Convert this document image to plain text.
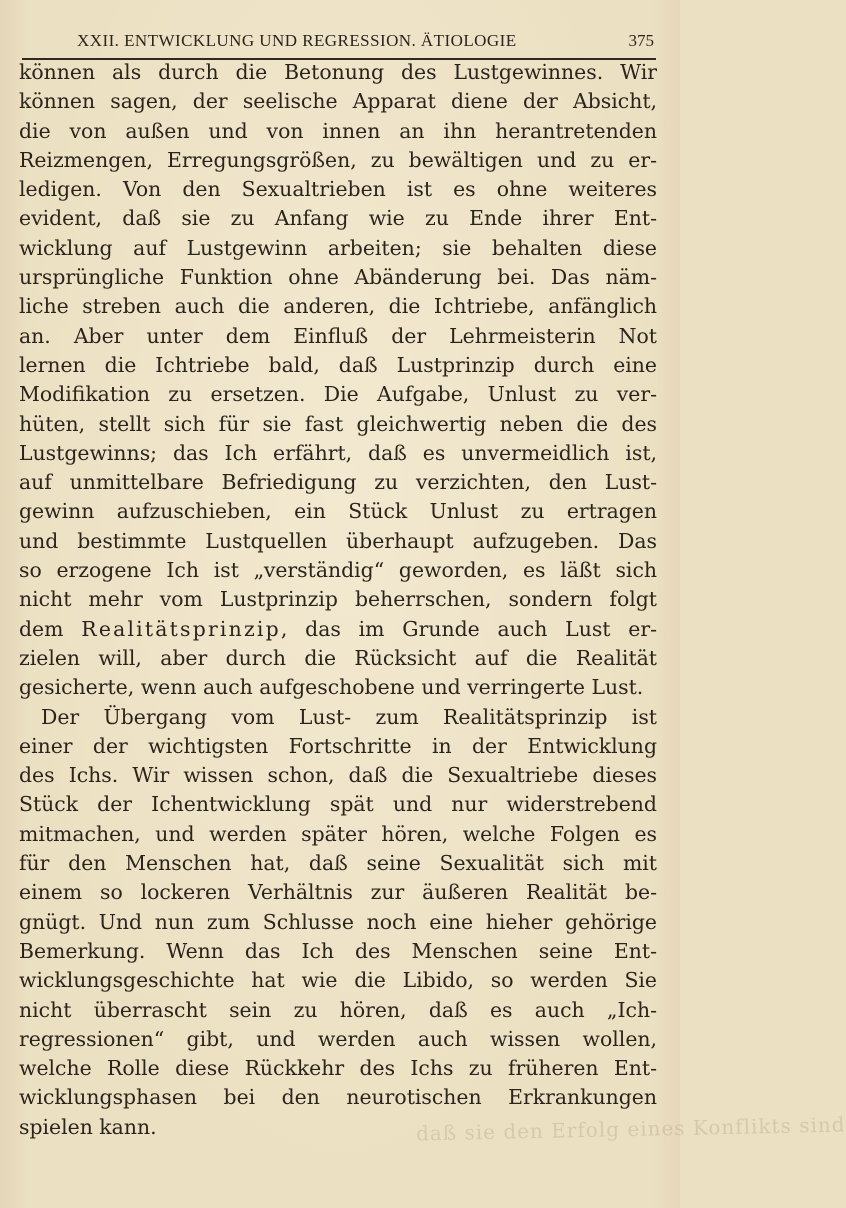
XXII. ENTWICKLUNG UND REGRESSION. ÄTIOLOGIE	375
können als durch die Betonung des Lustgewinnes. Wir
können sagen, der seelische Apparat diene der Absicht,
die von außen und von innen an ihn herantretenden
Reizmengen, Erregungsgrößen, zu bewältigen und zu er-
ledigen. Von den Sexualtrieben ist es ohne weiteres
evident, daß sie zu Anfang wie zu Ende ihrer Ent-
wicklung auf Lustgewinn arbeiten; sie behalten diese
ursprüngliche Funktion ohne Abänderung bei. Das näm-
liche streben auch die anderen, die Ichtriebe, anfänglich
an. Aber unter dem Einfluß der Lehrmeisterin Not
lernen die Ichtriebe bald, daß Lustprinzip durch eine
Modifikation zu ersetzen. Die Aufgabe, Unlust zu ver-
hüten, stellt sich für sie fast gleichwertig neben die des
Lustgewinns; das Ich erfährt, daß es unvermeidlich ist,
auf unmittelbare Befriedigung zu verzichten, den Lust-
gewinn aufzuschieben, ein Stück Unlust zu ertragen
und bestimmte Lustquellen überhaupt aufzugeben. Das
so erzogene Ich ist „verständig“ geworden, es läßt sich
nicht mehr vom Lustprinzip beherrschen, sondern folgt
dem Realitätsprinzip, das im Grunde auch Lust er-
zielen will, aber durch die Rücksicht auf die Realität
gesicherte, wenn auch aufgeschobene und verringerte Lust.
Der Übergang vom Lust- zum Realitätsprinzip ist
einer der wichtigsten Fortschritte in der Entwicklung
des Ichs. Wir wissen schon, daß die Sexualtriebe dieses
Stück der Ichentwicklung spät und nur widerstrebend
mitmachen, und werden später hören, welche Folgen es
für den Menschen hat, daß seine Sexualität sich mit
einem so lockeren Verhältnis zur äußeren Realität be-
gnügt. Und nun zum Schlusse noch eine hieher gehörige
Bemerkung. Wenn das Ich des Menschen seine Ent-
wicklungsgeschichte hat wie die Libido, so werden Sie
nicht überrascht sein zu hören, daß es auch „Ich-
regressionen“ gibt, und werden auch wissen wollen,
welche Rolle diese Rückkehr des Ichs zu früheren Ent-
wicklungsphasen bei den neurotischen Erkrankungen
spielen kann.	daß sie den Erfolg eines Konflikts sind
